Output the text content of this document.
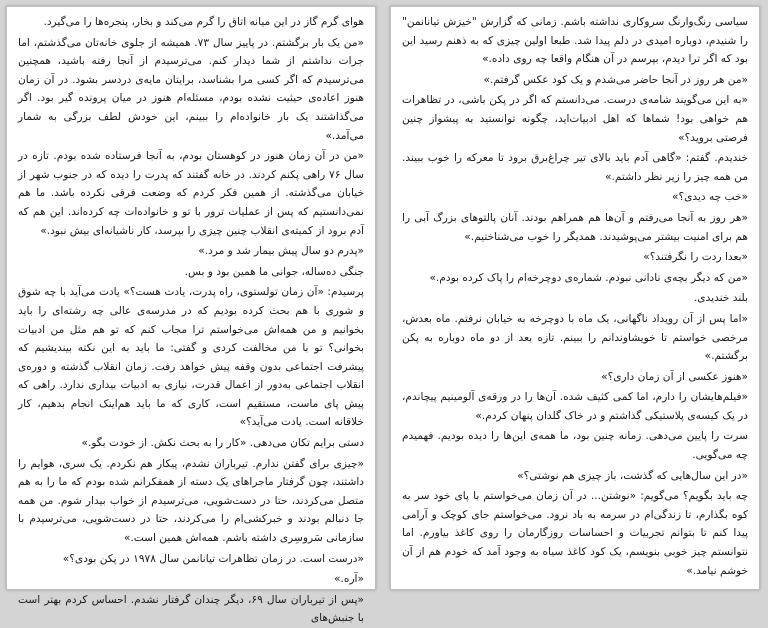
هوای گرم گاز در این میانه اتاق را گرم می‌کند و بخار، پنجره‌ها را می‌گیرد.

«من یک بار برگشتم. در پاییز سال ۷۳. همیشه از جلوی خانه‌تان می‌گذشتم، اما جرات نداشتم از شما دیدار کنم. می‌ترسیدم از آنجا رفته باشید، همچنین می‌ترسیدم که اگر کسی مرا بشناسد، برایتان مایه‌ی دردسر بشود. در آن زمان هنوز اعاده‌ی حیثیت نشده بودم، مسئله‌ام هنوز در میان پرونده گیر بود. اگر می‌گذاشتند یک بار خانواده‌ام را ببینم، این خودش لطف بزرگی به شمار می‌آمد.»

«من در آن زمان هنوز در کوهستان بودم، به آنجا فرستاده شده بودم. تازه در سال ۷۶ راهی پکنم کردند. در خانه گفتند که پدرت را دیده که در جنوب شهر از خیابان می‌گذشته. از همین فکر کردم که وضعت فرقی نکرده باشد. ما هم نمی‌دانستیم که پس از عملیات ترور با تو و خانواده‌ات چه کرده‌اند. این هم که آدم برود از کمیته‌ی انقلاب چنین چیزی را بپرسد، کار ناشیانه‌ای بیش نبود.»

«پدرم دو سال پیش بیمار شد و مرد.»

جنگی ده‌ساله، جوانی ما همین بود و بس.

پرسیدم: «آن زمان تولستوی، راه پدرت، یادت هست؟» یادت می‌آید با چه شوق و شوری با هم بحث کرده بودیم که در مدرسه‌ی عالی چه رشته‌ای را باید بخوانیم و من همه‌اش می‌خواستم ترا مجاب کنم که تو هم مثل من ادبیات بخوانی؟ تو با من مخالفت کردی و گفتی: ما باید به این نکته بیندیشیم که پیشرفت اجتماعی بدون وقفه پیش خواهد رفت. زمان انقلاب گذشته و دوره‌ی انقلاب اجتماعی به‌دور از اعمال قدرت، نیازی به ادبیات بیداری ندارد. راهی که پیش پای ماست، مستقیم است، کاری که ما باید هم‌اینک انجام بدهیم، کار خلاقانه است. یادت می‌آید؟»

دستی برایم تکان می‌دهی. «کار را به بحث نکش. از خودت بگو.»

«چیزی برای گفتن ندارم. تیرباران نشدم، پیکار هم نکردم. یک سری، هوایم را داشتند، چون گرفتار ماجراهای یک دسته از همفکرانم شده بودم که ما را به هم متصل می‌کردند، حتا در دست‌شویی، می‌ترسیدم از خواب بیدار شوم. من همه جا دنبالم بودند و خبرکشی‌ام را می‌کردند، حتا در دست‌شویی، می‌ترسیدم با سازمانی سَروسِری داشته باشم. همه‌اش همین است.»

«درست است. در زمان تظاهرات تیانانمن سال ۱۹۷۸ در پکن بودی؟»

«آره.»

«پس از تیرباران سال ۶۹، دیگر چندان گرفتار نشدم. احساس کردم بهتر است با جنبش‌های

سیاسی رنگ‌وارنگ سروکاری نداشته باشم. زمانی که گزارش "خیزش تیانانمن" را شنیدم، دوباره امیدی در دلم پیدا شد. طبعا اولین چیزی که به ذهنم رسید این بود که اگر ترا دیدم، بپرسم در آن هنگام واقعا چه روی داده.»

«من هر روز در آنجا حاضر می‌شدم و یک کود عکس گرفتم.»

«به این می‌گویند شامه‌ی درست. می‌دانستم که اگر در پکن باشی، در تظاهرات هم خواهی بود! شماها که اهل ادبیات‌اید، چگونه توانستید به پیشواز چنین فرصتی بروید؟»

خندیدم. گفتم: «گاهی آدم باید بالای تیر چراغ‌برق برود تا معرکه را خوب ببیند. من همه چیز را زیر نظر داشتم.»

«خب چه دیدی؟»

«هر روز به آنجا می‌رفتم و آن‌ها هم همراهم بودند. آنان پالتوهای بزرگ آبی را هم برای امنیت بیشتر می‌پوشیدند. همدیگر را خوب می‌شناختیم.»

«بعدا ردت را نگرفتند؟»

«من که دیگر بچه‌ی نادانی نبودم. شماره‌ی دوچرخه‌ام را پاک کرده بودم.»

بلند خندیدی.

«اما پس از آن رویداد ناگهانی، یک ماه با دوچرخه به خیابان نرفتم. ماه بعدش، مرخصی خواستم تا خویشاوندانم را ببینم. تازه بعد از دو ماه دوباره به پکن برگشتم.»

«هنوز عکسی از آن زمان داری؟»

«فیلم‌هایشان را دارم، اما کمی کثیف شده. آن‌ها را در ورقه‌ی آلومینیم پیچاندم، در یک کیسه‌ی پلاستیکی گذاشتم و در خاک گلدان پنهان کردم.»

سرت را پایین می‌دهی. زمانه چنین بود، ما همه‌ی این‌ها را دیده بودیم. فهمیدم چه می‌گویی.

«در این سال‌هایی که گذشت، باز چیزی هم نوشتی؟»

چه باید بگویم؟ می‌گویم: «نوشتن... در آن زمان می‌خواستم با پای خود سر به کوه بگذارم، تا زندگی‌ام در سرمه به باد نرود. می‌خواستم جای کوچک و آرامی پیدا کنم تا بتوانم تجربیات و احساسات روزگارمان را روی کاغذ بیاورم. اما نتوانستم چیز خوبی بنویسم، یک کود کاغذ سیاه به وجود آمد که خودم هم از آن خوشم نیامد.»
